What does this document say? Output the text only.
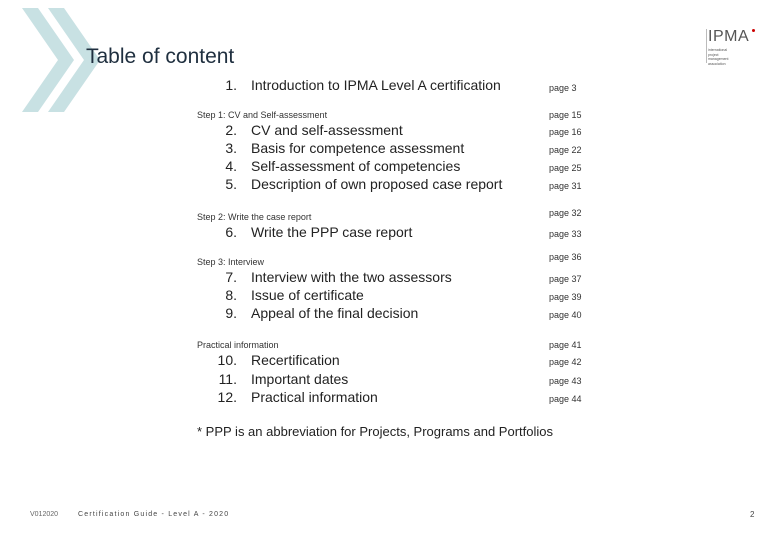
Table of content
IPMA
international
project
management
association
1. Introduction to IPMA Level A certification	page 3
Step 1: CV and Self-assessment	page 15
2. CV and self-assessment	page 16
3. Basis for competence assessment	page 22
4. Self-assessment of competencies	page 25
5. Description of own proposed case report	page 31
Step 2: Write the case report	page 32
6. Write the PPP case report	page 33
Step 3: Interview	page 36
7. Interview with the two assessors	page 37
8. Issue of certificate	page 39
9. Appeal of the final decision	page 40
Practical information	page 41
10. Recertification	page 42
11. Important dates	page 43
12. Practical information	page 44
* PPP is an abbreviation for Projects, Programs and Portfolios
V012020	Certification Guide - Level A - 2020	2
